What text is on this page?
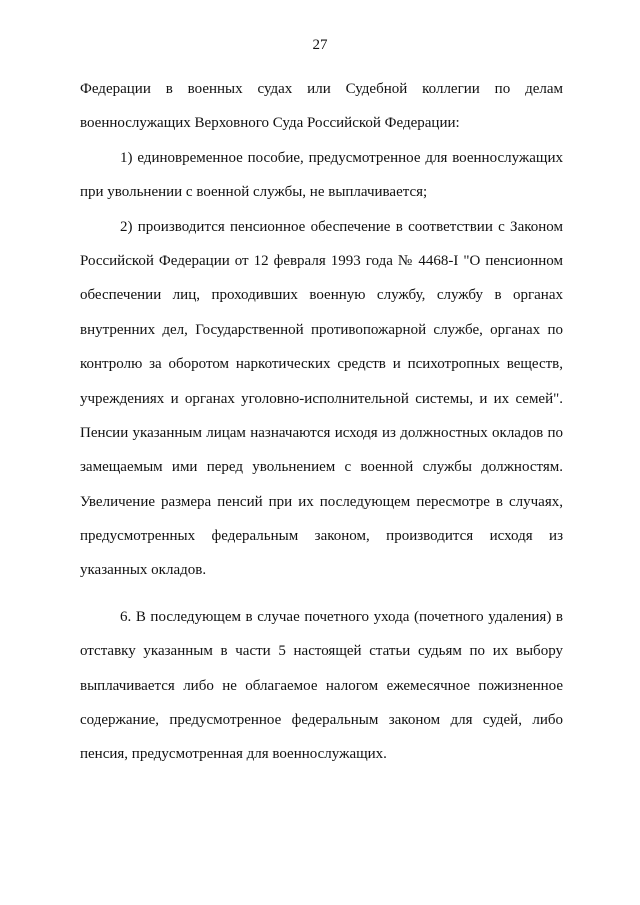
27
Федерации в военных судах или Судебной коллегии по делам
военнослужащих Верховного Суда Российской Федерации:
1) единовременное пособие, предусмотренное для военнослужащих
при увольнении с военной службы, не выплачивается;
2) производится пенсионное обеспечение в соответствии с Законом
Российской Федерации от 12 февраля 1993 года № 4468-I "О пенсионном
обеспечении лиц, проходивших военную службу, службу в органах
внутренних дел, Государственной противопожарной службе, органах по
контролю за оборотом наркотических средств и психотропных веществ,
учреждениях и органах уголовно-исполнительной системы, и их семей".
Пенсии указанным лицам назначаются исходя из должностных окладов по
замещаемым ими перед увольнением с военной службы должностям.
Увеличение размера пенсий при их последующем пересмотре в случаях,
предусмотренных федеральным законом, производится исходя из
указанных окладов.
6. В последующем в случае почетного ухода (почетного удаления) в
отставку указанным в части 5 настоящей статьи судьям по их выбору
выплачивается либо не облагаемое налогом ежемесячное пожизненное
содержание, предусмотренное федеральным законом для судей, либо
пенсия, предусмотренная для военнослужащих.
